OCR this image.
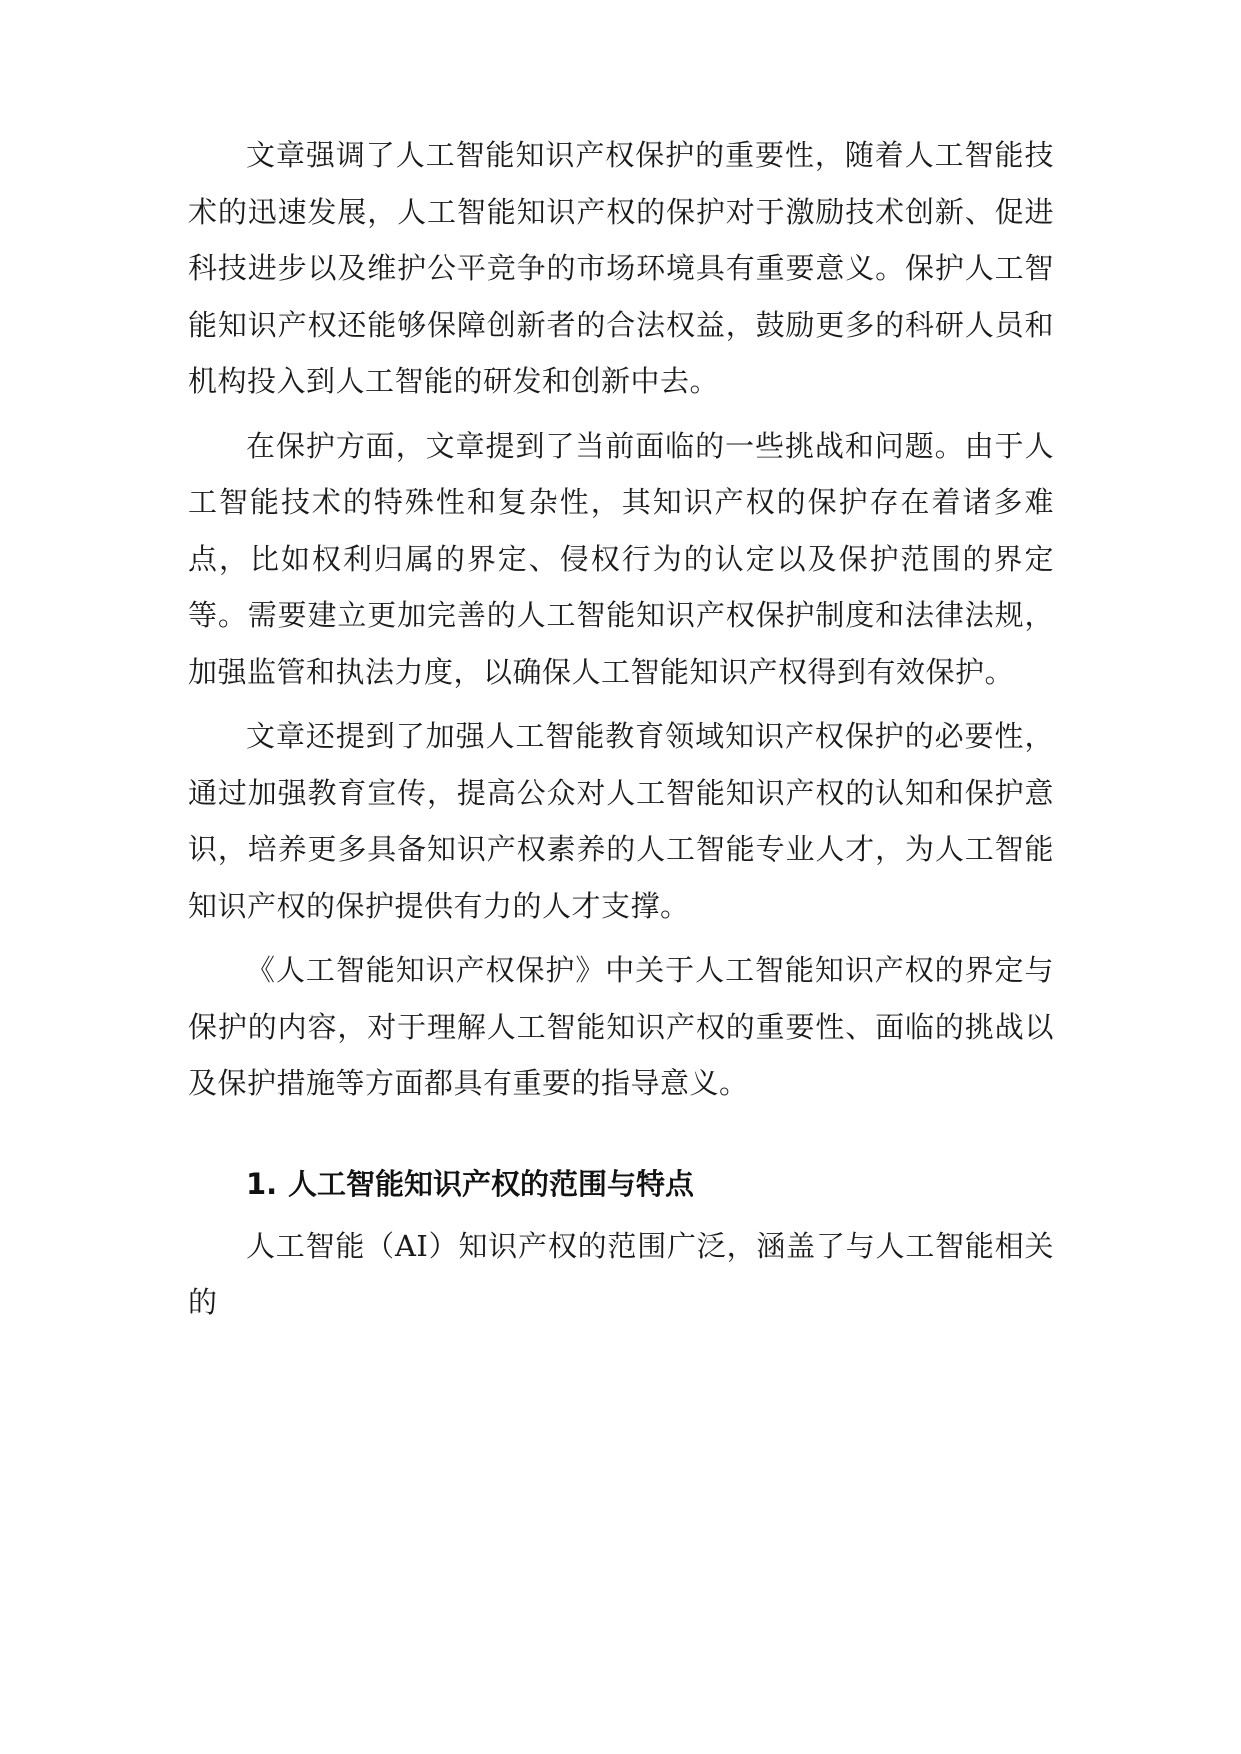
文章强调了人工智能知识产权保护的重要性，随着人工智能技术的迅速发展，人工智能知识产权的保护对于激励技术创新、促进科技进步以及维护公平竞争的市场环境具有重要意义。保护人工智能知识产权还能够保障创新者的合法权益，鼓励更多的科研人员和机构投入到人工智能的研发和创新中去。

在保护方面，文章提到了当前面临的一些挑战和问题。由于人工智能技术的特殊性和复杂性，其知识产权的保护存在着诸多难点，比如权利归属的界定、侵权行为的认定以及保护范围的界定等。需要建立更加完善的人工智能知识产权保护制度和法律法规，加强监管和执法力度，以确保人工智能知识产权得到有效保护。

文章还提到了加强人工智能教育领域知识产权保护的必要性，通过加强教育宣传，提高公众对人工智能知识产权的认知和保护意识，培养更多具备知识产权素养的人工智能专业人才，为人工智能知识产权的保护提供有力的人才支撑。

《人工智能知识产权保护》中关于人工智能知识产权的界定与保护的内容，对于理解人工智能知识产权的重要性、面临的挑战以及保护措施等方面都具有重要的指导意义。

1. 人工智能知识产权的范围与特点

人工智能（AI）知识产权的范围广泛，涵盖了与人工智能相关的
